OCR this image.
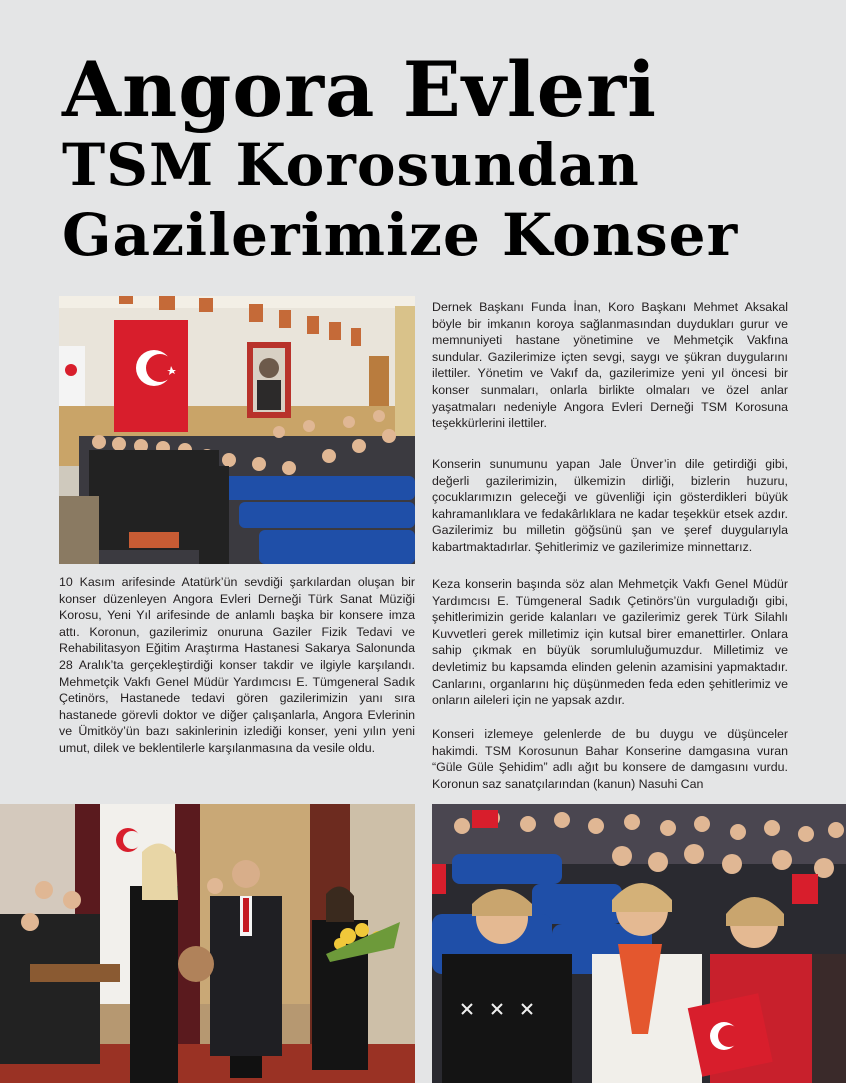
Angora Evleri
TSM Korosundan
Gazilerimize Konser

10 Kasım arifesinde Atatürk’ün sevdiği şarkılardan oluşan bir konser düzenleyen Angora Evleri Derneği Türk Sanat Müziği Korosu, Yeni Yıl arifesinde de anlamlı başka bir konsere imza attı. Koronun, gazilerimiz onuruna Gaziler Fizik Tedavi ve Rehabilitasyon Eğitim Araştırma Hastanesi Sakarya Salonunda 28 Aralık’ta gerçekleştirdiği konser takdir ve ilgiyle karşılandı. Mehmetçik Vakfı Genel Müdür Yardımcısı E. Tümgeneral Sadık Çetinörs, Hastanede tedavi gören gazilerimizin yanı sıra hastanede görevli doktor ve diğer çalışanlarla, Angora Evlerinin ve Ümitköy’ün bazı sakinlerinin izlediği konser, yeni yılın yeni umut, dilek ve beklentilerle karşılanmasına da vesile oldu.

Dernek Başkanı Funda İnan, Koro Başkanı Mehmet Aksakal böyle bir imkanın koroya sağlanmasından duydukları gurur ve memnuniyeti hastane yönetimine ve Mehmetçik Vakfına sundular. Gazilerimize içten sevgi, saygı ve şükran duygularını ilettiler. Yönetim ve Vakıf da, gazilerimize yeni yıl öncesi bir konser sunmaları, onlarla birlikte olmaları ve özel anlar yaşatmaları nedeniyle Angora Evleri Derneği TSM Korosuna teşekkürlerini ilettiler.

Konserin sunumunu yapan Jale Ünver’in dile getirdiği gibi, değerli gazilerimizin, ülkemizin dirliği, bizlerin huzuru, çocuklarımızın geleceği ve güvenliği için gösterdikleri büyük kahramanlıklara ve fedakârlıklara ne kadar teşekkür etsek azdır. Gazilerimiz bu milletin göğsünü şan ve şeref duygularıyla kabartmaktadırlar. Şehitlerimiz ve gazilerimize minnettarız.

Keza konserin başında söz alan Mehmetçik Vakfı Genel Müdür Yardımcısı E. Tümgeneral Sadık Çetinörs’ün vurguladığı gibi, şehitlerimizin geride kalanları ve gazilerimiz gerek Türk Silahlı Kuvvetleri gerek milletimiz için kutsal birer emanettirler. Onlara sahip çıkmak en büyük sorumluluğumuzdur. Milletimiz ve devletimiz bu kapsamda elinden gelenin azamisini yapmaktadır. Canlarını, organlarını hiç düşünmeden feda eden şehitlerimiz ve onların aileleri için ne yapsak azdır.

Konseri izlemeye gelenlerde de bu duygu ve düşünceler hakimdi. TSM Korosunun Bahar Konserine damgasına vuran “Güle Güle Şehidim” adlı ağıt bu konsere de damgasını vurdu. Koronun saz sanatçılarından (kanun) Nasuhi Can
